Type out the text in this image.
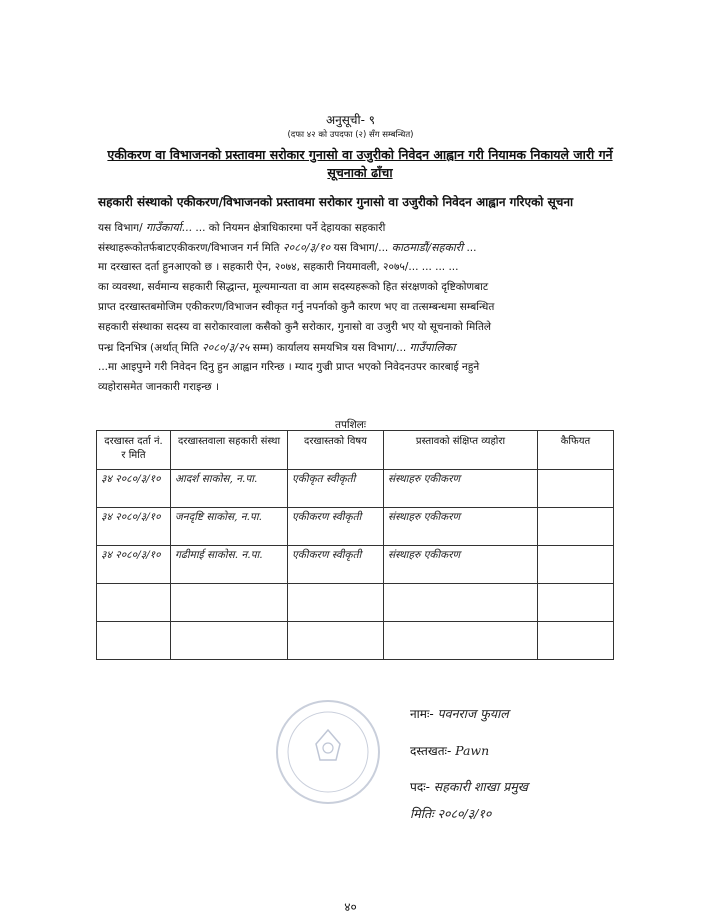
अनुसूची- ९
(दफा ४२ को उपदफा (२) सँग सम्बन्धित)
एकीकरण वा विभाजनको प्रस्तावमा सरोकार गुनासो वा उजुरीको निवेदन आह्वान गरी नियामक निकायले जारी गर्ने सूचनाको ढाँचा
सहकारी संस्थाको एकीकरण/विभाजनको प्रस्तावमा सरोकार गुनासो वा उजुरीको निवेदन आह्वान गरिएको सूचना
यस विभाग/ गाउँकार्या... ... को नियमन क्षेत्राधिकारमा पर्ने देहायका सहकारी
संस्थाहरूकोतर्फबाटएकीकरण/विभाजन गर्न मिति २०८०/३/१० यस विभाग/... काठमाडौं/सहकारी ...
मा दरखास्त दर्ता हुनआएको छ । सहकारी ऐन, २०७४, सहकारी नियमावली, २०७५/... ... ... ...
का व्यवस्था, सर्वमान्य सहकारी सिद्धान्त, मूल्यमान्यता वा आम सदस्यहरूको हित संरक्षणको दृष्टिकोणबाट
प्राप्त दरखास्तबमोजिम एकीकरण/विभाजन स्वीकृत गर्नु नपर्नाको कुनै कारण भए वा तत्सम्बन्धमा सम्बन्धित
सहकारी संस्थाका सदस्य वा सरोकारवाला कसैको कुनै सरोकार, गुनासो वा उजुरी भए यो सूचनाको मितिले
पन्ध्र दिनभित्र (अर्थात् मिति २०८०/३/२५ सम्म) कार्यालय समयभित्र यस विभाग/... गाउँपालिका
...मा आइपुग्ने गरी निवेदन दिनु हुन आह्वान गरिन्छ । म्याद गुज्री प्राप्त भएको निवेदनउपर कारबाई नहुने
व्यहोरासमेत जानकारी गराइन्छ ।
तपशिलः
दरखास्त दर्ता नं. र मिति	दरखास्तवाला सहकारी संस्था	दरखास्तको विषय	प्रस्तावको संक्षिप्त व्यहोरा	कैफियत
३४ २०८०/३/१०	आदर्श साकोस, न.पा.	एकीकृत स्वीकृती	संस्थाहरु एकीकरण	
३४ २०८०/३/१०	जनदृष्टि साकोस, न.पा.	एकीकरण स्वीकृती	संस्थाहरु एकीकरण	
३४ २०८०/३/१०	गढीमाई साकोस. न.पा.	एकीकरण स्वीकृती	संस्थाहरु एकीकरण	

नामः- पवनराज फुयाल
दस्तखतः- Pawn
पदः- सहकारी शाखा प्रमुख
मितिः २०८०/३/१०
४०
